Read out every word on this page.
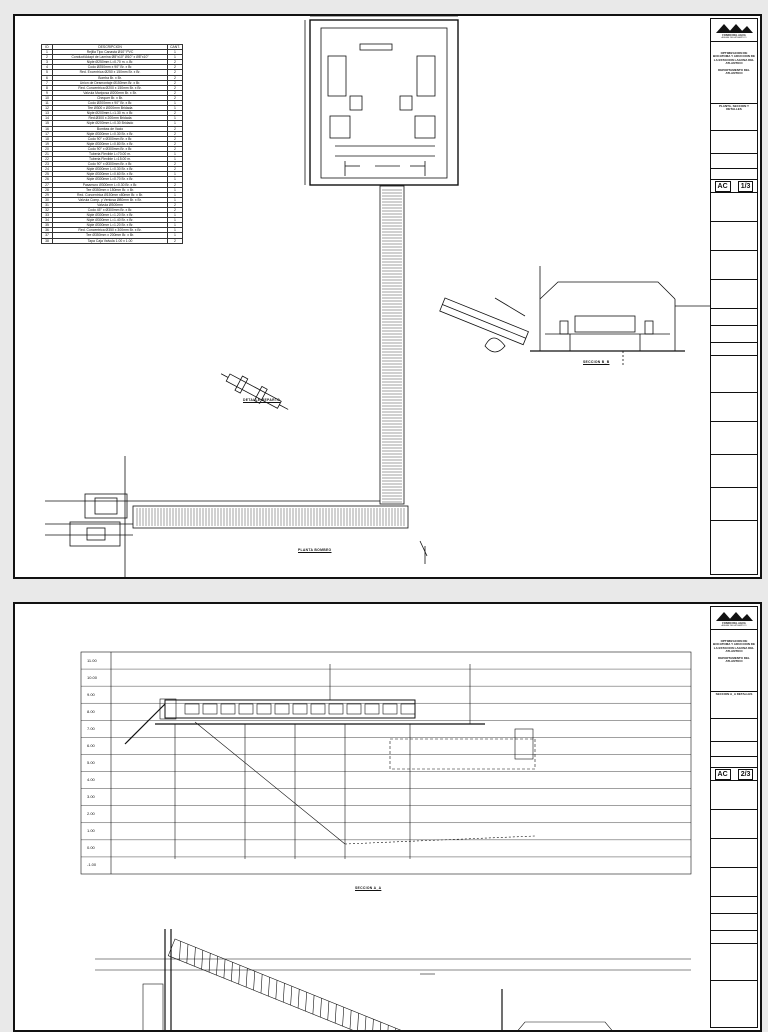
ID	DESCRIPCION	CANT.
1	Rejilla Tipo Canasta Ø10" PVC	1
2	Conduct/Adapt de Lamina Ø8"x10" Ø10" x Ø8"x10"	1
3	Niple Ø250mm L=0.70 m. c.Br.	2
4	Codo Ø250mm x 90° Br. x Br.	2
5	Red. Excentrica Ø250 x 150mm Br. x Br.	2
6	Bomba Br. x Br.	2
7	Union de Desmontaje Ø150mm Br. x Br.	2
8	Red. Concentrica Ø200 x 150mm Br. x Br.	2
9	Valvula Mariposa Ø200mm Br. x Br.	2
10	Chequer Br. x Br.	2
11	Codo Ø200mm x 90° Br. x Br.	1
12	Tee Ø300 x Ø200mm Bridada	1
13	Niple Ø200mm L=1.30 m. x Br.	2
14	Red.Ø300 x 200mm Bridada	1
15	Niple Ø200mm L=0.30 Bridado	1
16	Bombas de Vacio	2
17	Niple Ø300mm L=0.30 Br. x Br.	2
18	Codo 90° x Ø300mm Br. x Br.	2
19	Niple Ø300mm L=0.80 Br. x Br.	2
20	Codo 90° x Ø300mm Br. x Br.	2
21	Tuberia Flexible L=70.00 m.	1
22	Tuberia Flexible L=15.00 m.	1
23	Codo 90° x Ø300mm Br. x Br.	2
24	Niple Ø300mm L=0.30 Br. x Br.	2
25	Niple Ø300mm L=0.60 Br. x Br.	1
26	Niple Ø300mm L=0.70 Br. x Br.	1
27	Pasamuro Ø300mm L=0.30 Br. x Br.	2
28	Tee Ø350mm x 150mm Br. x Br.	1
29	Red. Concentrica Ø150mm x80mm Br. x Br.	1
30	Valvula Comp. y Ventosa Ø80mm Br. x Br.	1
31	Valvula Ø300mm	2
32	Codo 45° x Ø300mm Br. x Br.	2
33	Niple Ø300mm L=1.20 Br. x Br.	1
34	Niple Ø300mm L=1.40 Br. x Br.	1
35	Niple Ø300mm L=1.20 Br. x Br.	1
36	Red. Concentrica Ø350 x 300mm Br. x Br.	1
37	Tee Ø350mm x 200mm Br. x Br.	1
38	Tapa Caja Valvula 1.00 x 1.00	2
DETALLE REPARTO
SECCION B_B
PLANTA BOMBEO
FONDO DEL AGUA
AGUAS DEL ATLANTICO
OPTIMIZACION DE BOCATOMA Y ADUCCION DE LA ESTACION LAGUNA DEL ATLANTICO

DEPARTAMENTO DEL ATLANTICO
PLANTA, SECCION Y DETALLES
AC	1/3
11.00
10.00
9.00
8.00
7.00
6.00
5.00
4.00
3.00
2.00
1.00
0.00
-1.00
SECCION A_A
FONDO DEL AGUA
AGUAS DEL ATLANTICO
OPTIMIZACION DE BOCATOMA Y ADUCCION DE LA ESTACION LAGUNA DEL ATLANTICO

DEPARTAMENTO DEL ATLANTICO
SECCION A_A DETALLES
AC	2/3
